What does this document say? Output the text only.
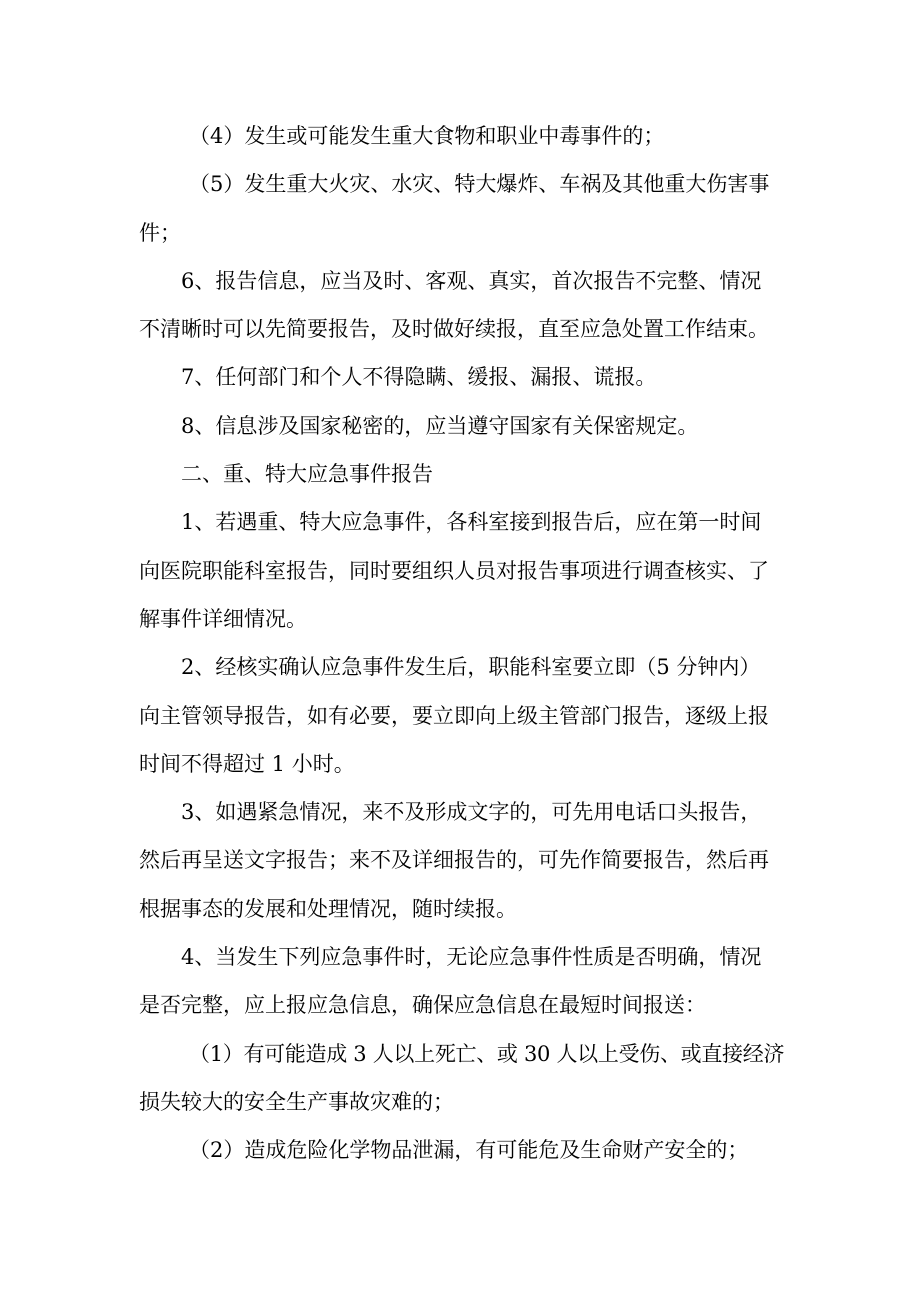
（4）发生或可能发生重大食物和职业中毒事件的；
（5）发生重大火灾、水灾、特大爆炸、车祸及其他重大伤害事
件；
6、报告信息，应当及时、客观、真实，首次报告不完整、情况
不清晰时可以先简要报告，及时做好续报，直至应急处置工作结束。
7、任何部门和个人不得隐瞒、缓报、漏报、谎报。
8、信息涉及国家秘密的，应当遵守国家有关保密规定。
二、重、特大应急事件报告
1、若遇重、特大应急事件，各科室接到报告后，应在第一时间
向医院职能科室报告，同时要组织人员对报告事项进行调查核实、了
解事件详细情况。
2、经核实确认应急事件发生后，职能科室要立即（5 分钟内）
向主管领导报告，如有必要，要立即向上级主管部门报告，逐级上报
时间不得超过 1 小时。
3、如遇紧急情况，来不及形成文字的，可先用电话口头报告，
然后再呈送文字报告；来不及详细报告的，可先作简要报告，然后再
根据事态的发展和处理情况，随时续报。
4、当发生下列应急事件时，无论应急事件性质是否明确，情况
是否完整，应上报应急信息，确保应急信息在最短时间报送：
（1）有可能造成 3 人以上死亡、或 30 人以上受伤、或直接经济
损失较大的安全生产事故灾难的；
（2）造成危险化学物品泄漏，有可能危及生命财产安全的；
